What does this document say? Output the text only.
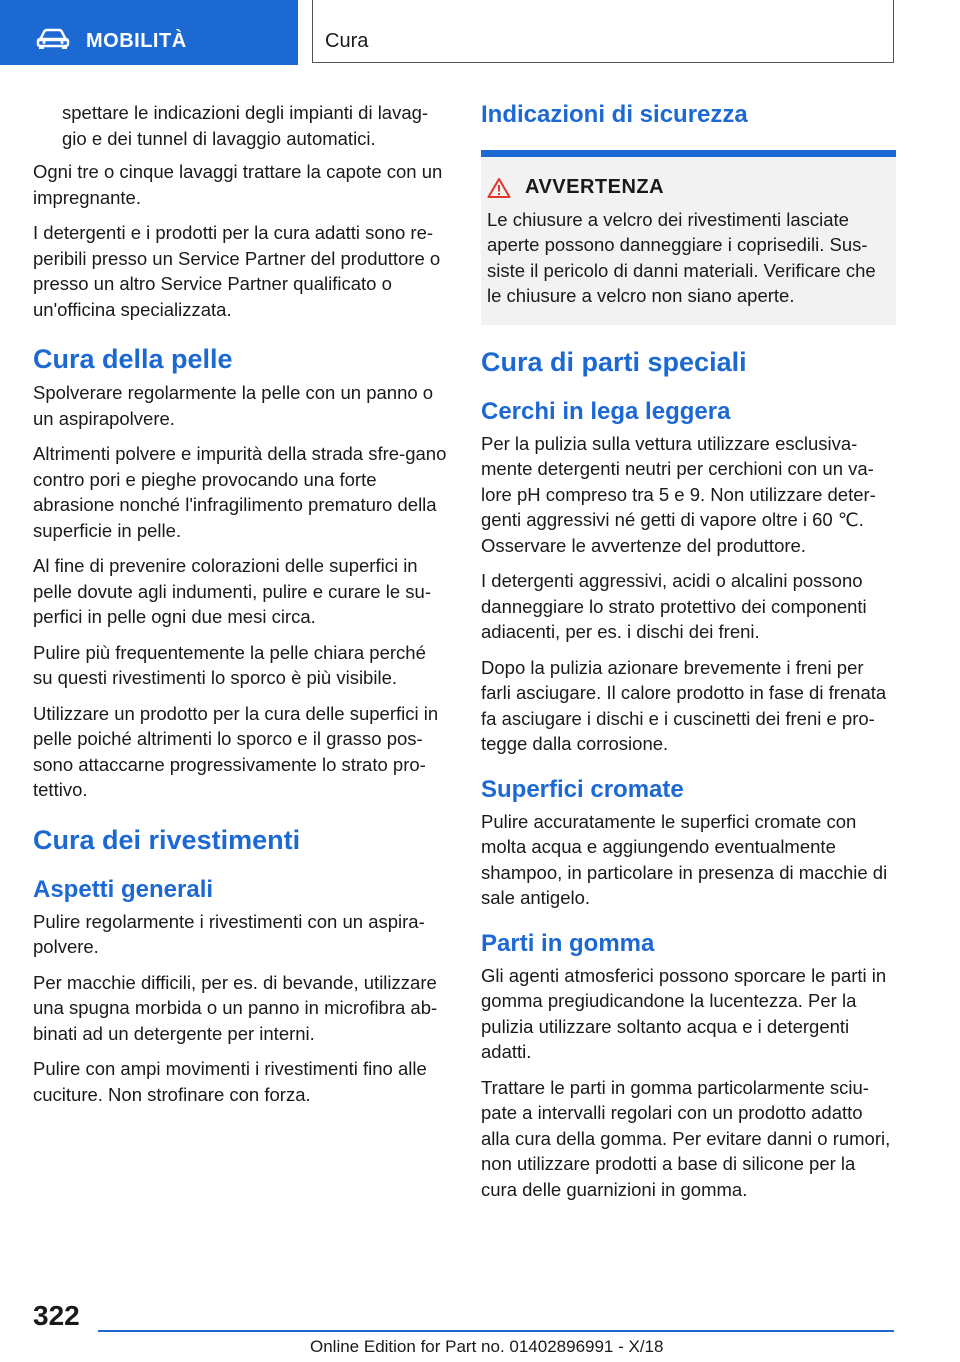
MOBILITÀ	Cura

spettare le indicazioni degli impianti di lavag-gio e dei tunnel di lavaggio automatici.

Ogni tre o cinque lavaggi trattare la capote con un impregnante.

I detergenti e i prodotti per la cura adatti sono re-peribili presso un Service Partner del produttore o presso un altro Service Partner qualificato o un'officina specializzata.

Cura della pelle

Spolverare regolarmente la pelle con un panno o un aspirapolvere.

Altrimenti polvere e impurità della strada sfre-gano contro pori e pieghe provocando una forte abrasione nonché l'infragilimento prematuro della superficie in pelle.

Al fine di prevenire colorazioni delle superfici in pelle dovute agli indumenti, pulire e curare le su-perfici in pelle ogni due mesi circa.

Pulire più frequentemente la pelle chiara perché su questi rivestimenti lo sporco è più visibile.

Utilizzare un prodotto per la cura delle superfici in pelle poiché altrimenti lo sporco e il grasso pos-sono attaccarne progressivamente lo strato pro-tettivo.

Cura dei rivestimenti
Aspetti generali

Pulire regolarmente i rivestimenti con un aspira-polvere.

Per macchie difficili, per es. di bevande, utilizzare una spugna morbida o un panno in microfibra ab-binati ad un detergente per interni.

Pulire con ampi movimenti i rivestimenti fino alle cuciture. Non strofinare con forza.

Indicazioni di sicurezza
AVVERTENZA

Le chiusure a velcro dei rivestimenti lasciate aperte possono danneggiare i coprisedili. Sus-siste il pericolo di danni materiali. Verificare che le chiusure a velcro non siano aperte.

Cura di parti speciali
Cerchi in lega leggera

Per la pulizia sulla vettura utilizzare esclusiva-mente detergenti neutri per cerchioni con un va-lore pH compreso tra 5 e 9. Non utilizzare deter-genti aggressivi né getti di vapore oltre i 60 ℃. Osservare le avvertenze del produttore.

I detergenti aggressivi, acidi o alcalini possono danneggiare lo strato protettivo dei componenti adiacenti, per es. i dischi dei freni.

Dopo la pulizia azionare brevemente i freni per farli asciugare. Il calore prodotto in fase di frenata fa asciugare i dischi e i cuscinetti dei freni e pro-tegge dalla corrosione.

Superfici cromate

Pulire accuratamente le superfici cromate con molta acqua e aggiungendo eventualmente shampoo, in particolare in presenza di macchie di sale antigelo.

Parti in gomma

Gli agenti atmosferici possono sporcare le parti in gomma pregiudicandone la lucentezza. Per la pulizia utilizzare soltanto acqua e i detergenti adatti.

Trattare le parti in gomma particolarmente sciu-pate a intervalli regolari con un prodotto adatto alla cura della gomma. Per evitare danni o rumori, non utilizzare prodotti a base di silicone per la cura delle guarnizioni in gomma.

322
Online Edition for Part no. 01402896991 - X/18
